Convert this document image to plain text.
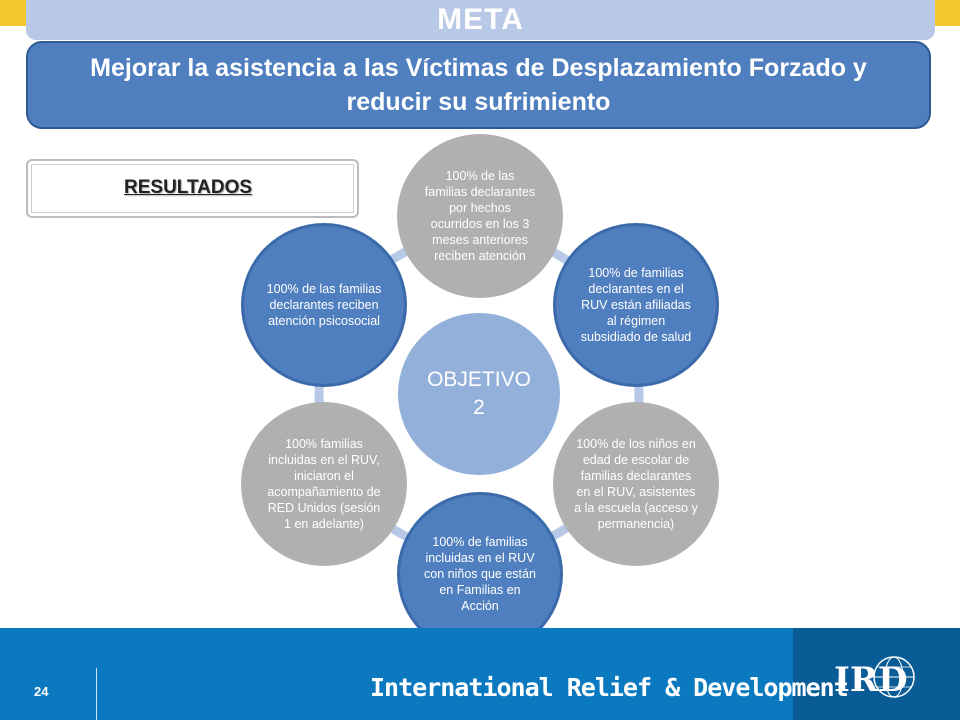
META
Mejorar la asistencia a las Víctimas de Desplazamiento Forzado y reducir su sufrimiento
RESULTADOS
OBJETIVO 2
100% de las familias declarantes por hechos ocurridos en los 3 meses anteriores reciben atención
100% de familias declarantes en el RUV están afiliadas al régimen subsidiado de salud
100% de los niños en edad de escolar de familias declarantes en el RUV, asistentes a la escuela (acceso y permanencia)
100% de familias incluidas en el RUV con niños que están en Familias en Acción
100% familias incluidas en el RUV, iniciaron el acompañamiento de RED Unidos (sesión 1 en adelante)
100% de las familias declarantes reciben atención psicosocial
24	International Relief & Development
IRD
